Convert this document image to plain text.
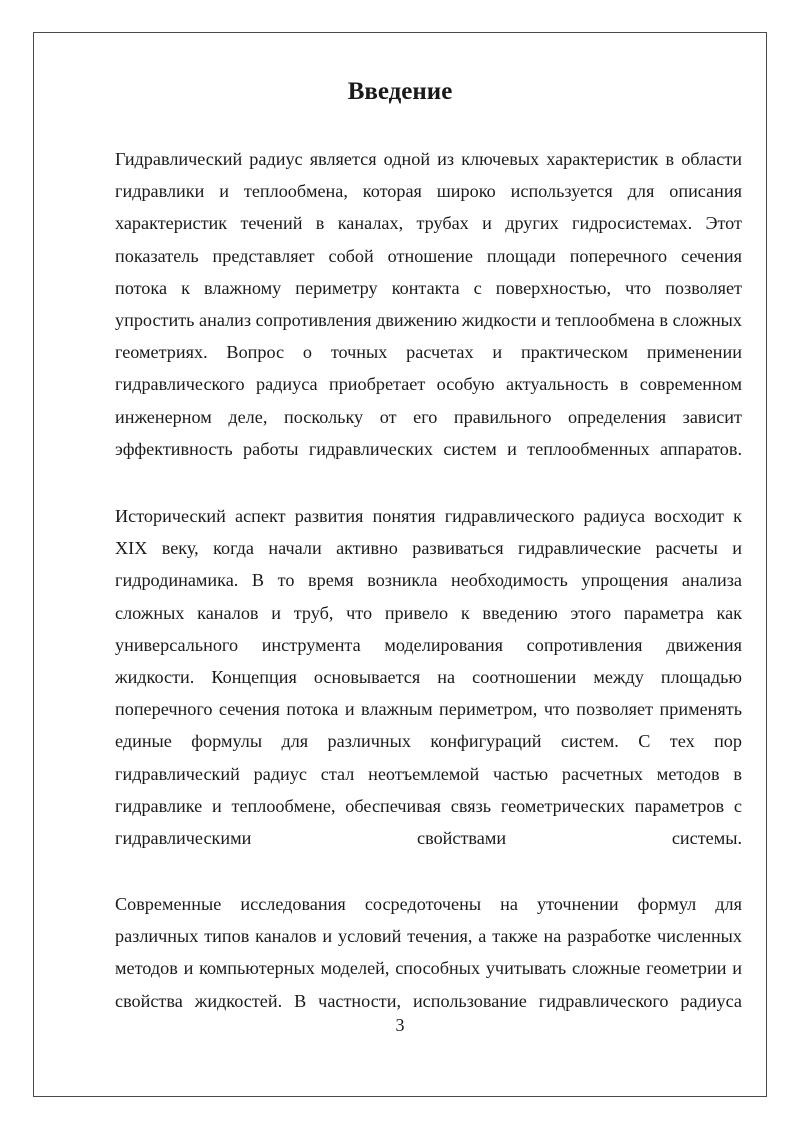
Введение

Гидравлический радиус является одной из ключевых характеристик в области гидравлики и теплообмена, которая широко используется для описания характеристик течений в каналах, трубах и других гидросистемах. Этот показатель представляет собой отношение площади поперечного сечения потока к влажному периметру контакта с поверхностью, что позволяет упростить анализ сопротивления движению жидкости и теплообмена в сложных геометриях. Вопрос о точных расчетах и практическом применении гидравлического радиуса приобретает особую актуальность в современном инженерном деле, поскольку от его правильного определения зависит эффективность работы гидравлических систем и теплообменных аппаратов.

Исторический аспект развития понятия гидравлического радиуса восходит к XIX веку, когда начали активно развиваться гидравлические расчеты и гидродинамика. В то время возникла необходимость упрощения анализа сложных каналов и труб, что привело к введению этого параметра как универсального инструмента моделирования сопротивления движения жидкости. Концепция основывается на соотношении между площадью поперечного сечения потока и влажным периметром, что позволяет применять единые формулы для различных конфигураций систем. С тех пор гидравлический радиус стал неотъемлемой частью расчетных методов в гидравлике и теплообмене, обеспечивая связь геометрических параметров с гидравлическими свойствами системы.

Современные исследования сосредоточены на уточнении формул для различных типов каналов и условий течения, а также на разработке численных методов и компьютерных моделей, способных учитывать сложные геометрии и свойства жидкостей. В частности, использование гидравлического радиуса

3
